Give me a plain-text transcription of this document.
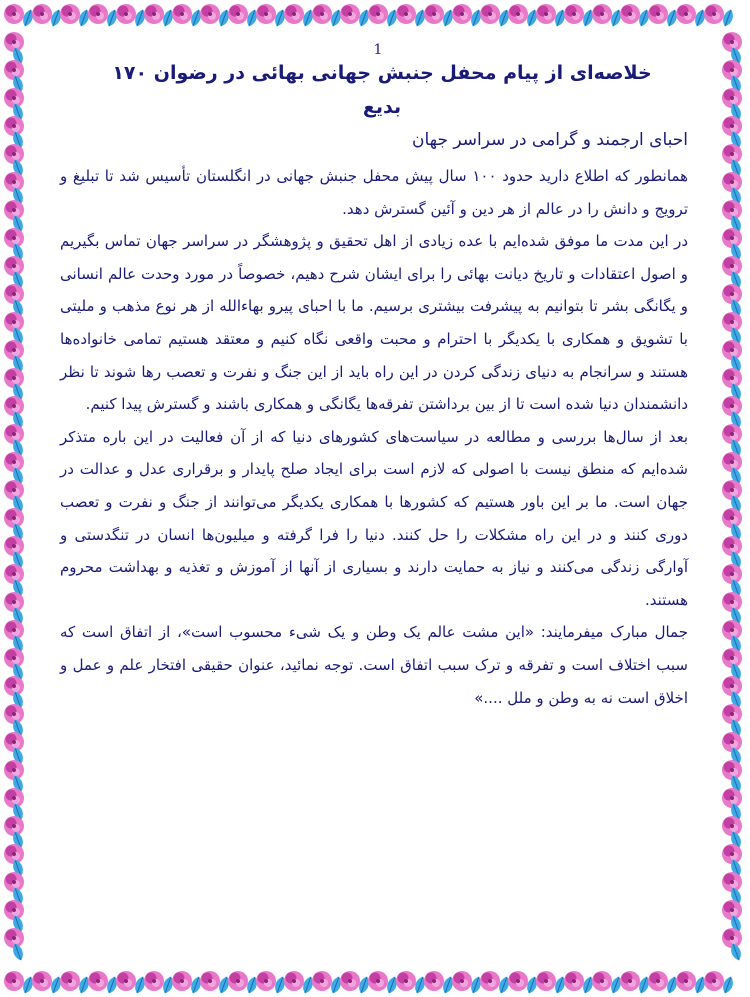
1
خلاصه‌ای از پیام محفل جنبش جهانی بهائی در رضوان ۱۷۰ بدیع
احبای ارجمند و گرامی در سراسر جهان

همانطور که اطلاع دارید حدود ۱۰۰ سال پیش محفل جنبش جهانی در انگلستان تأسیس شد تا تبلیغ و ترویج و دانش را در عالم از هر دین و آئین گسترش دهد.

در این مدت ما موفق شده‌ایم با عده زیادی از اهل تحقیق و پژوهشگر در سراسر جهان تماس بگیریم و اصول اعتقادات و تاریخ دیانت بهائی را برای ایشان شرح دهیم، خصوصاً در مورد وحدت عالم انسانی و یگانگی بشر تا بتوانیم به پیشرفت بیشتری برسیم. ما با احبای پیرو بهاءالله از هر نوع مذهب و ملیتی با تشویق و همکاری با یکدیگر با احترام و محبت واقعی نگاه کنیم و معتقد هستیم تمامی خانواده‌ها هستند و سرانجام به دنیای زندگی کردن در این راه باید از این جنگ و نفرت و تعصب رها شوند تا نظر دانشمندان دنیا شده است تا از بین برداشتن تفرقه‌ها یگانگی و همکاری باشند و گسترش پیدا کنیم.

بعد از سال‌ها بررسی و مطالعه در سیاست‌های کشورهای دنیا که از آن فعالیت در این باره متذکر شده‌ایم که منطق نیست با اصولی که لازم است برای ایجاد صلح پایدار و برقراری عدل و عدالت در جهان است. ما بر این باور هستیم که کشورها با همکاری یکدیگر می‌توانند از جنگ و نفرت و تعصب دوری کنند و در این راه مشکلات را حل کنند. دنیا را فرا گرفته و میلیون‌ها انسان در تنگدستی و آوارگی زندگی می‌کنند و نیاز به حمایت دارند و بسیاری از آنها از آموزش و تغذیه و بهداشت محروم هستند.

جمال مبارک میفرمایند: «این مشت عالم یک وطن و یک شیء محسوب است»، از اتفاق است که سبب اختلاف است و تفرقه و ترک سبب اتفاق است. توجه نمائید، عنوان حقیقی افتخار علم و عمل و اخلاق است نه به وطن و ملل ....»
